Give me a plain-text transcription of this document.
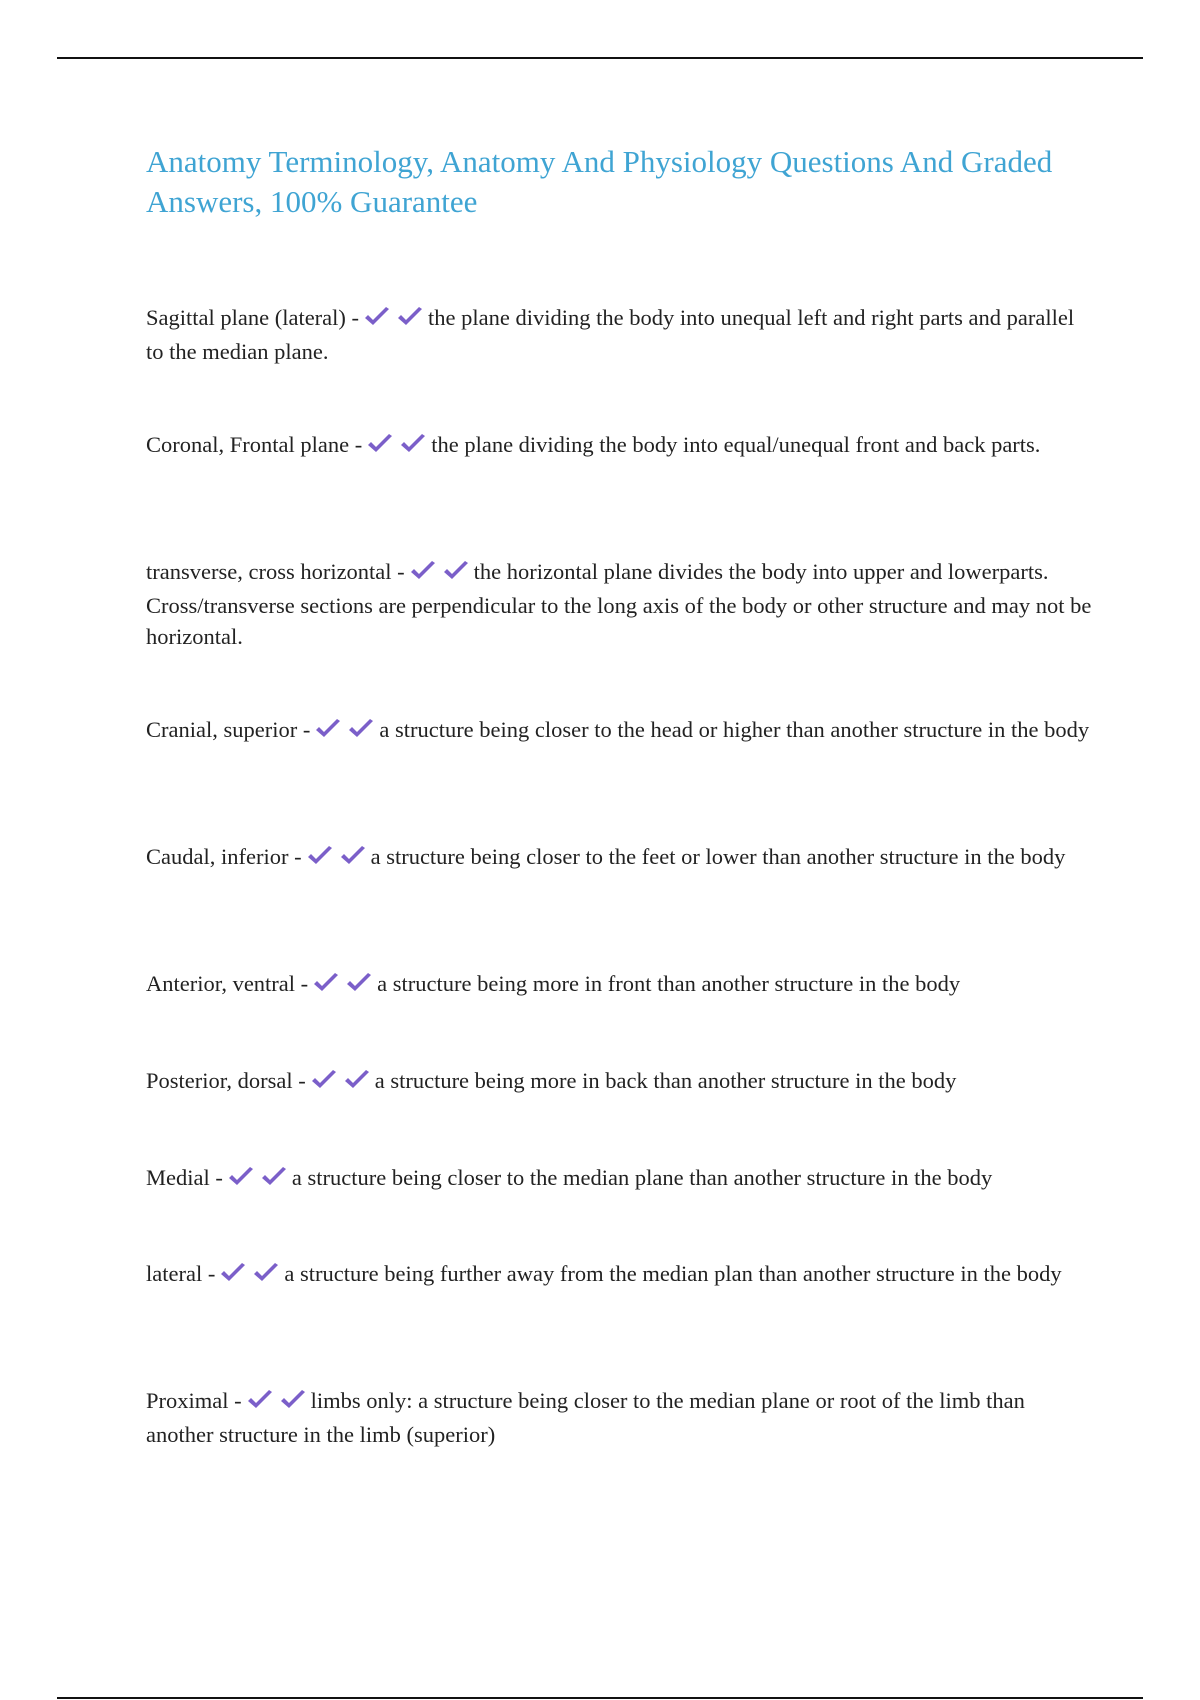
Anatomy Terminology, Anatomy And Physiology Questions And Graded Answers, 100% Guarantee

Sagittal plane (lateral) -	the plane dividing the body into unequal left and right parts and parallel to the median plane.

Coronal, Frontal plane -	the plane dividing the body into equal/unequal front and back parts.

transverse, cross horizontal -	the horizontal plane divides the body into upper and lowerparts. Cross/transverse sections are perpendicular to the long axis of the body or other structure and may not be horizontal.

Cranial, superior -	a structure being closer to the head or higher than another structure in the body

Caudal, inferior -	a structure being closer to the feet or lower than another structure in the body

Anterior, ventral -	a structure being more in front than another structure in the body

Posterior, dorsal -	a structure being more in back than another structure in the body

Medial -	a structure being closer to the median plane than another structure in the body

lateral -	a structure being further away from the median plan than another structure in the body

Proximal -	limbs only: a structure being closer to the median plane or root of the limb than another structure in the limb (superior)
